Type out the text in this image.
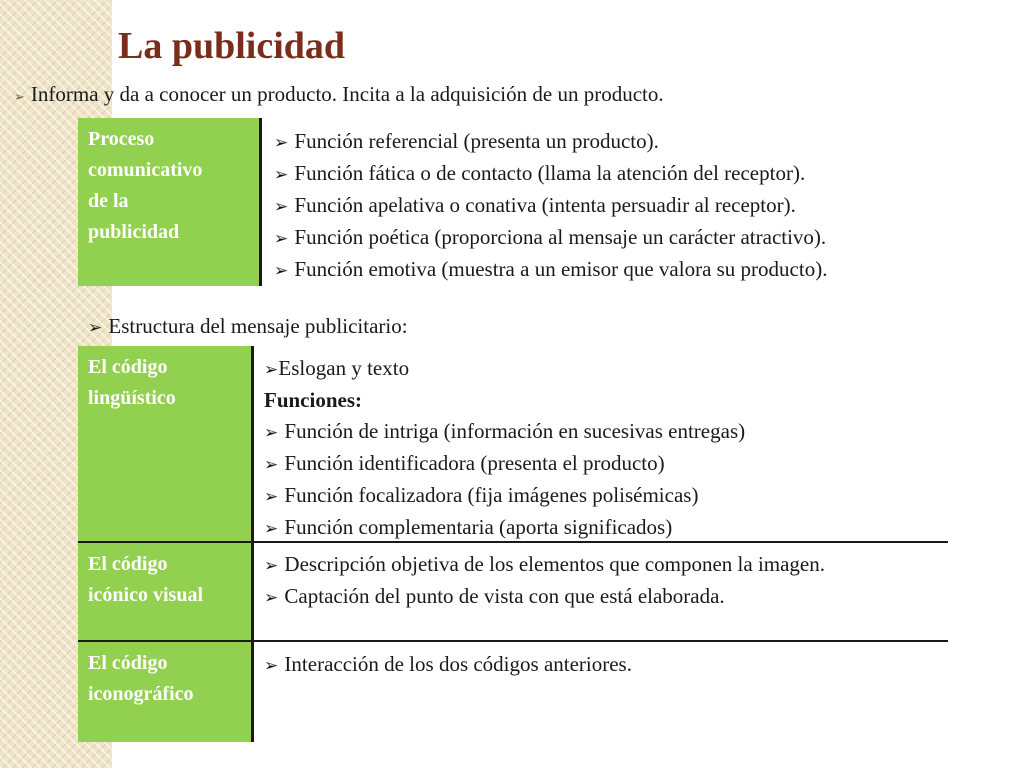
La publicidad
➢ Informa y da a conocer un producto. Incita a la adquisición de un producto.
Proceso
comunicativo
de la
publicidad
➢ Función referencial (presenta un producto).
➢ Función fática o de contacto (llama la atención del receptor).
➢ Función apelativa o conativa (intenta persuadir al receptor).
➢ Función poética (proporciona al mensaje un carácter atractivo).
➢ Función emotiva (muestra a un emisor que valora su producto).
➢ Estructura del mensaje publicitario:
El código
lingüístico
➢Eslogan y texto
Funciones:
➢ Función de intriga (información en sucesivas entregas)
➢ Función identificadora (presenta el producto)
➢ Función focalizadora (fija imágenes polisémicas)
➢ Función complementaria (aporta significados)
El código
icónico visual
➢ Descripción objetiva de los elementos que componen la imagen.
➢ Captación del punto de vista con que está elaborada.
El código
iconográfico
➢ Interacción de los dos códigos anteriores.
